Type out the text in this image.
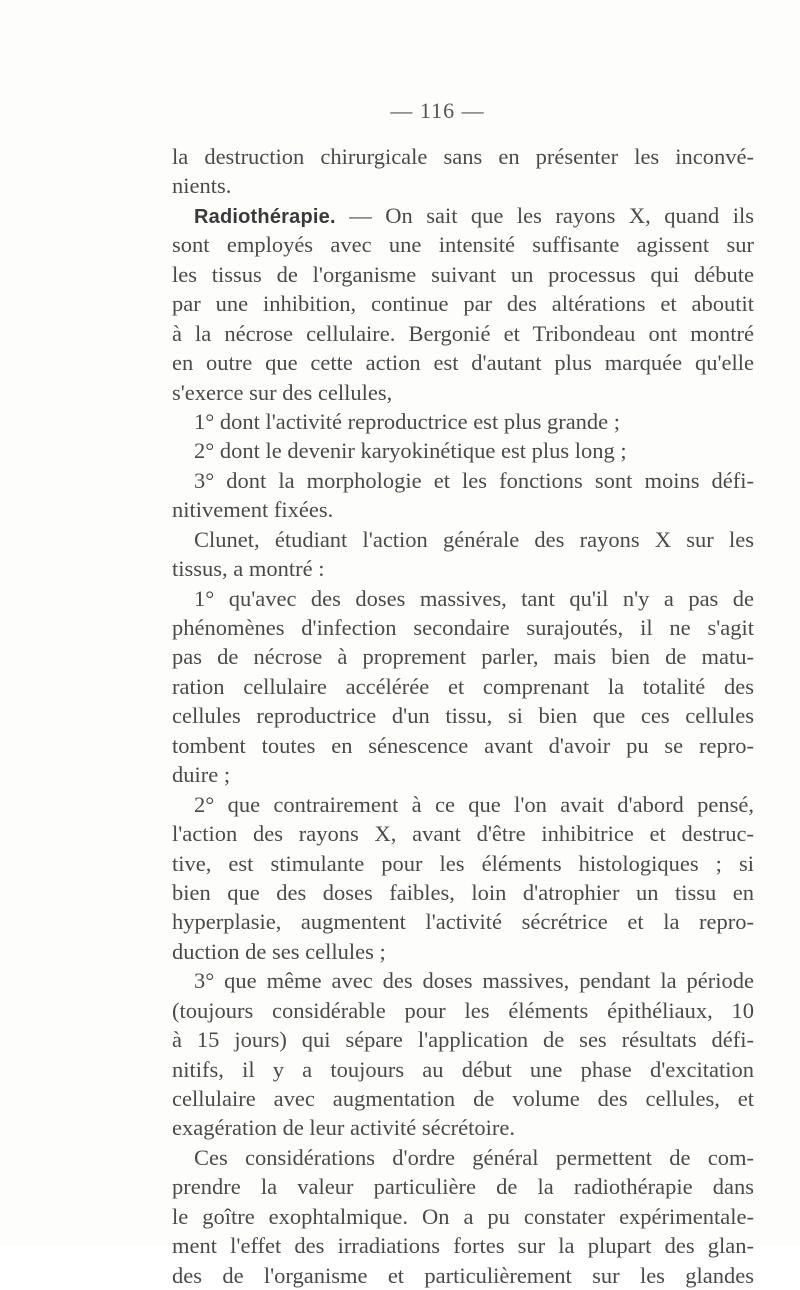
— 116 —
la destruction chirurgicale sans en présenter les inconvé-
nients.
Radiothérapie. — On sait que les rayons X, quand ils
sont employés avec une intensité suffisante agissent sur
les tissus de l'organisme suivant un processus qui débute
par une inhibition, continue par des altérations et aboutit
à la nécrose cellulaire. Bergonié et Tribondeau ont montré
en outre que cette action est d'autant plus marquée qu'elle
s'exerce sur des cellules,
1° dont l'activité reproductrice est plus grande ;
2° dont le devenir karyokinétique est plus long ;
3° dont la morphologie et les fonctions sont moins défi-
nitivement fixées.
Clunet, étudiant l'action générale des rayons X sur les
tissus, a montré :
1° qu'avec des doses massives, tant qu'il n'y a pas de
phénomènes d'infection secondaire surajoutés, il ne s'agit
pas de nécrose à proprement parler, mais bien de matu-
ration cellulaire accélérée et comprenant la totalité des
cellules reproductrice d'un tissu, si bien que ces cellules
tombent toutes en sénescence avant d'avoir pu se repro-
duire ;
2° que contrairement à ce que l'on avait d'abord pensé,
l'action des rayons X, avant d'être inhibitrice et destruc-
tive, est stimulante pour les éléments histologiques ; si
bien que des doses faibles, loin d'atrophier un tissu en
hyperplasie, augmentent l'activité sécrétrice et la repro-
duction de ses cellules ;
3° que même avec des doses massives, pendant la période
(toujours considérable pour les éléments épithéliaux, 10
à 15 jours) qui sépare l'application de ses résultats défi-
nitifs, il y a toujours au début une phase d'excitation
cellulaire avec augmentation de volume des cellules, et
exagération de leur activité sécrétoire.
Ces considérations d'ordre général permettent de com-
prendre la valeur particulière de la radiothérapie dans
le goître exophtalmique. On a pu constater expérimentale-
ment l'effet des irradiations fortes sur la plupart des glan-
des de l'organisme et particulièrement sur les glandes
